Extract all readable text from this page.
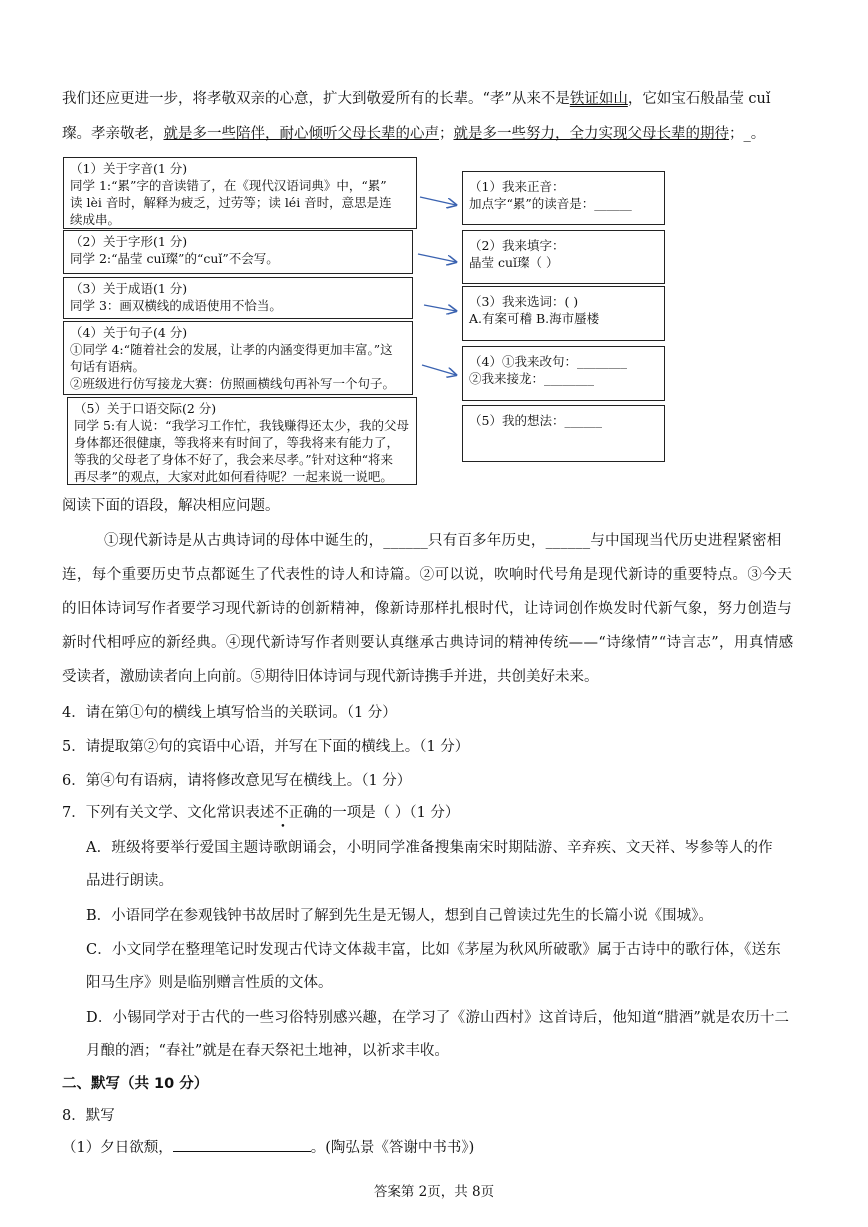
我们还应更进一步，将孝敬双亲的心意，扩大到敬爱所有的长辈。“孝”从来不是铁证如山，它如宝石般晶莹 cuǐ
璨。孝亲敬老，就是多一些陪伴，耐心倾听父母长辈的心声；就是多一些努力，全力实现父母长辈的期待；_。
（1）关于字音(1 分)
同学 1:“累”字的音读错了，在《现代汉语词典》中，“累”
读 lèi 音时，解释为疲乏，过劳等；读 léi 音时，意思是连
续成串。
（2）关于字形(1 分)
同学 2:“晶莹 cuǐ璨”的“cuǐ”不会写。
（3）关于成语(1 分)
同学 3：画双横线的成语使用不恰当。
（4）关于句子(4 分)
①同学 4:“随着社会的发展，让孝的内涵变得更加丰富。”这
句话有语病。
②班级进行仿写接龙大赛：仿照画横线句再补写一个句子。
（5）关于口语交际(2 分)
同学 5:有人说：“我学习工作忙，我钱赚得还太少，我的父母
身体都还很健康，等我将来有时间了，等我将来有能力了，
等我的父母老了身体不好了，我会来尽孝。”针对这种“将来
再尽孝”的观点，大家对此如何看待呢？一起来说一说吧。
（1）我来正音：
加点字“累”的读音是：______
（2）我来填字：
晶莹 cuǐ璨（ ）
（3）我来选词：( )
A.有案可稽 B.海市蜃楼
（4）①我来改句：________
②我来接龙：________
（5）我的想法：______
阅读下面的语段，解决相应问题。
①现代新诗是从古典诗词的母体中诞生的，______只有百多年历史，______与中国现当代历史进程紧密相
连，每个重要历史节点都诞生了代表性的诗人和诗篇。②可以说，吹响时代号角是现代新诗的重要特点。③今天
的旧体诗词写作者要学习现代新诗的创新精神，像新诗那样扎根时代，让诗词创作焕发时代新气象，努力创造与
新时代相呼应的新经典。④现代新诗写作者则要认真继承古典诗词的精神传统——“诗缘情”“诗言志”，用真情感
受读者，激励读者向上向前。⑤期待旧体诗词与现代新诗携手并进，共创美好未来。
4．请在第①句的横线上填写恰当的关联词。（1 分）
5．请提取第②句的宾语中心语，并写在下面的横线上。（1 分）
6．第④句有语病，请将修改意见写在横线上。（1 分）
7．下列有关文学、文化常识表述不
•
正确的一项是（ ）（1 分）
A．班级将要举行爱国主题诗歌朗诵会，小明同学准备搜集南宋时期陆游、辛弃疾、文天祥、岑参等人的作
品进行朗读。
B．小语同学在参观钱钟书故居时了解到先生是无锡人，想到自己曾读过先生的长篇小说《围城》。
C．小文同学在整理笔记时发现古代诗文体裁丰富，比如《茅屋为秋风所破歌》属于古诗中的歌行体，《送东
阳马生序》则是临别赠言性质的文体。
D．小锡同学对于古代的一些习俗特别感兴趣，在学习了《游山西村》这首诗后，他知道“腊酒”就是农历十二
月酿的酒；“春社”就是在春天祭祀土地神，以祈求丰收。
二、默写（共 10 分）
8．默写
（1）夕日欲颓，	。(陶弘景《答谢中书书》)
答案第 2页，共 8页
